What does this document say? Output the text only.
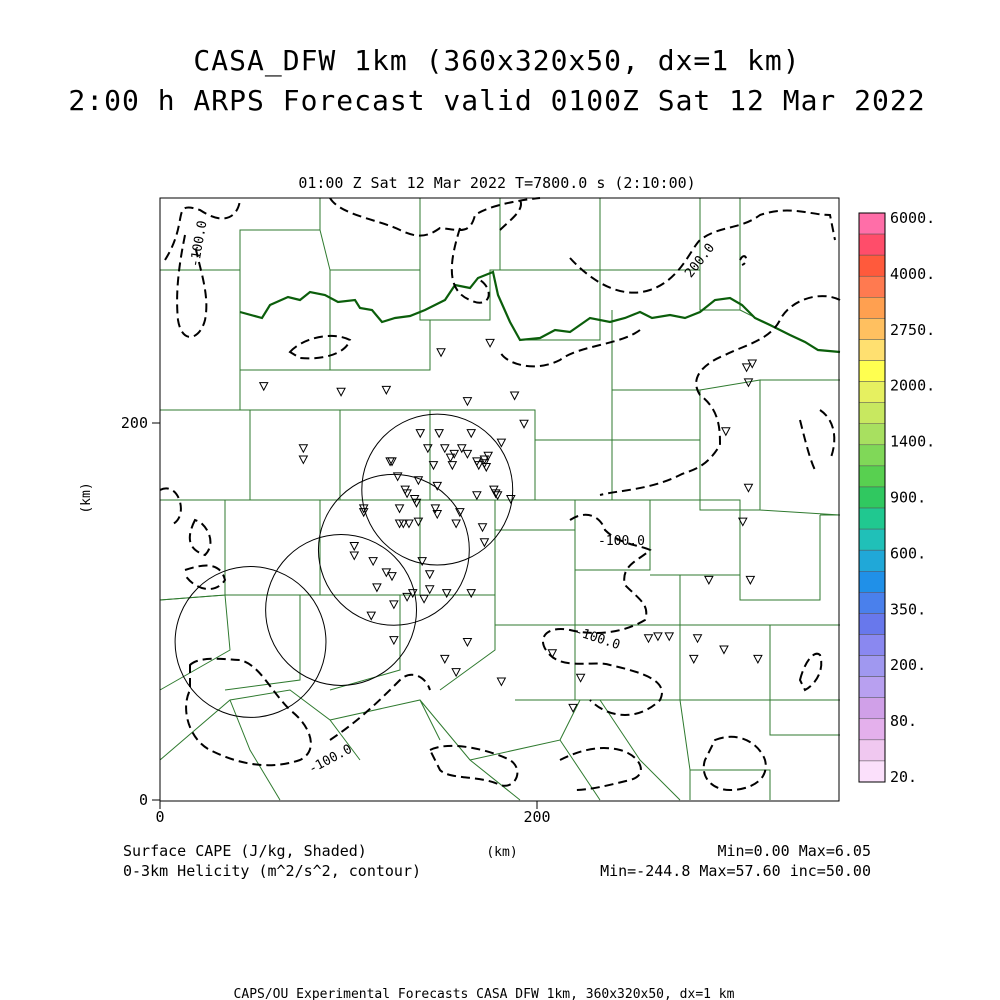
CASA_DFW 1km (360x320x50, dx=1 km)
2:00 h ARPS Forecast valid 0100Z Sat 12 Mar 2022
01:00 Z Sat 12 Mar 2022 T=7800.0 s (2:10:00)
-100.0
200.0
-100.0
-100.0
-100.0
200
0
0	200
(km)
6000.
4000.
2750.
2000.
1400.
900.
600.
350.
200.
80.
20.
Surface CAPE (J/kg, Shaded)
0-3km Helicity (m^2/s^2, contour)
(km)	Min=0.00 Max=6.05
Min=-244.8 Max=57.60 inc=50.00
CAPS/OU Experimental Forecasts CASA DFW 1km, 360x320x50, dx=1 km
